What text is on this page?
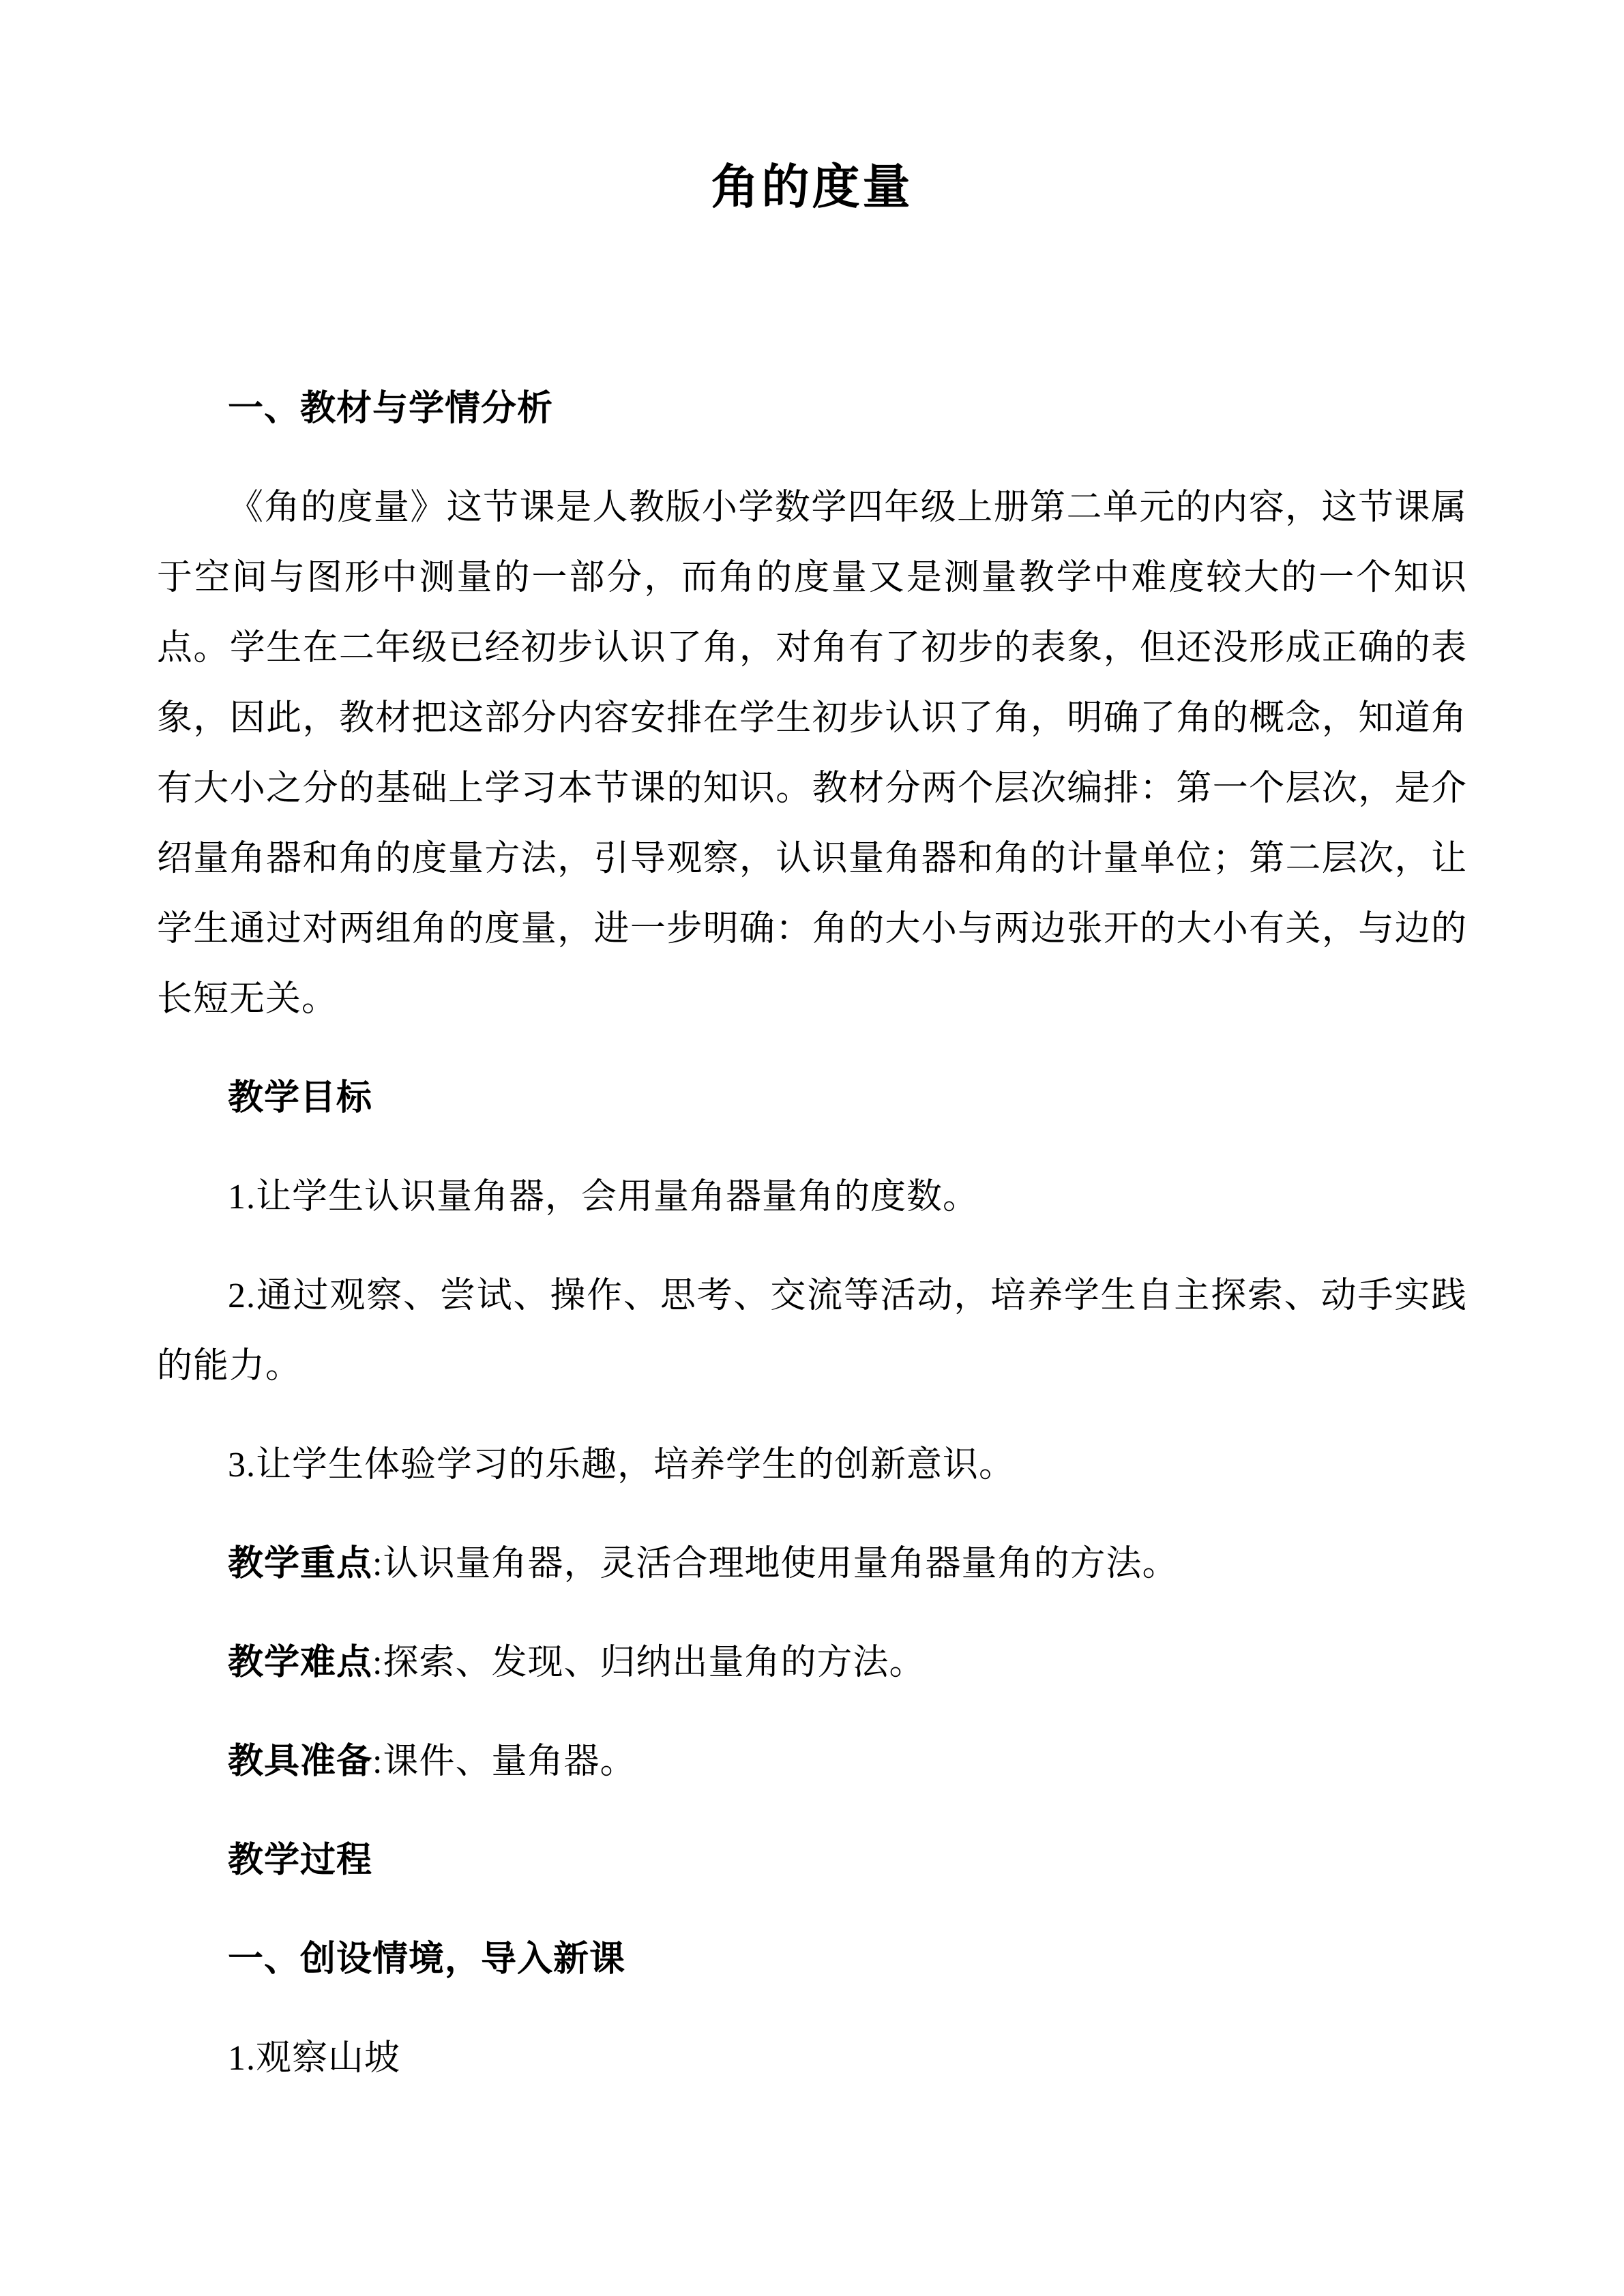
角的度量
一、教材与学情分析

《角的度量》这节课是人教版小学数学四年级上册第二单元的内容，这节课属于空间与图形中测量的一部分，而角的度量又是测量教学中难度较大的一个知识点。学生在二年级已经初步认识了角，对角有了初步的表象，但还没形成正确的表象，因此，教材把这部分内容安排在学生初步认识了角，明确了角的概念，知道角有大小之分的基础上学习本节课的知识。教材分两个层次编排：第一个层次，是介绍量角器和角的度量方法，引导观察，认识量角器和角的计量单位；第二层次，让学生通过对两组角的度量，进一步明确：角的大小与两边张开的大小有关，与边的长短无关。

教学目标

1.让学生认识量角器，会用量角器量角的度数。

2.通过观察、尝试、操作、思考、交流等活动，培养学生自主探索、动手实践的能力。

3.让学生体验学习的乐趣，培养学生的创新意识。

教学重点:认识量角器，灵活合理地使用量角器量角的方法。

教学难点:探索、发现、归纳出量角的方法。

教具准备:课件、量角器。

教学过程
一、创设情境，导入新课

1.观察山坡
